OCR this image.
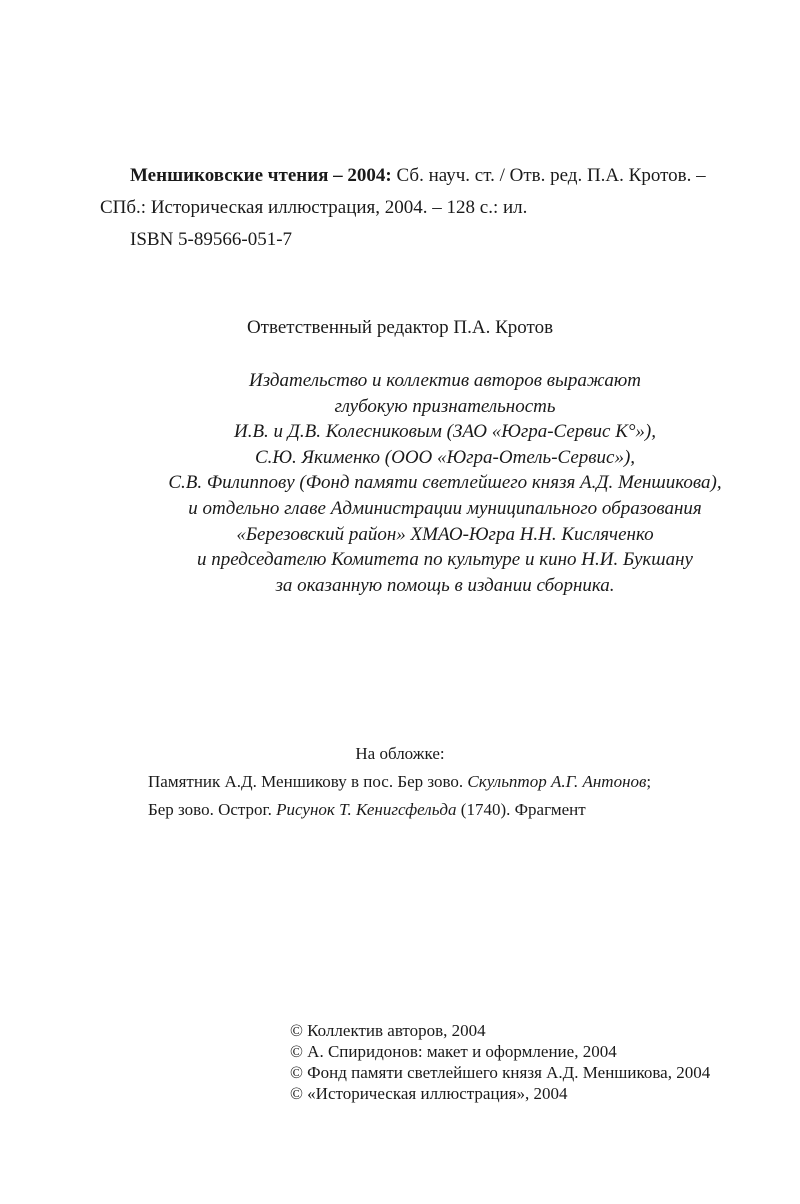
Меншиковские чтения – 2004: Сб. науч. ст. / Отв. ред. П.А. Кротов. –

СПб.: Историческая иллюстрация, 2004. – 128 с.: ил.

ISBN 5-89566-051-7

Ответственный редактор П.А. Кротов
Издательство и коллектив авторов выражают
глубокую признательность
И.В. и Д.В. Колесниковым (ЗАО «Югра-Сервис К°»),
С.Ю. Якименко (ООО «Югра-Отель-Сервис»),
С.В. Филиппову (Фонд памяти светлейшего князя А.Д. Меншикова),
и отдельно главе Администрации муниципального образования
«Березовский район» ХМАО-Югра Н.Н. Кисляченко
и председателю Комитета по культуре и кино Н.И. Букшану
за оказанную помощь в издании сборника.
На обложке:
Памятник А.Д. Меншикову в пос. Бер зово. Скульптор А.Г. Антонов;
Бер зово. Острог. Рисунок Т. Кенигсфельда (1740). Фрагмент
© Коллектив авторов, 2004
© А. Спиридонов: макет и оформление, 2004
© Фонд памяти светлейшего князя А.Д. Меншикова, 2004
© «Историческая иллюстрация», 2004
